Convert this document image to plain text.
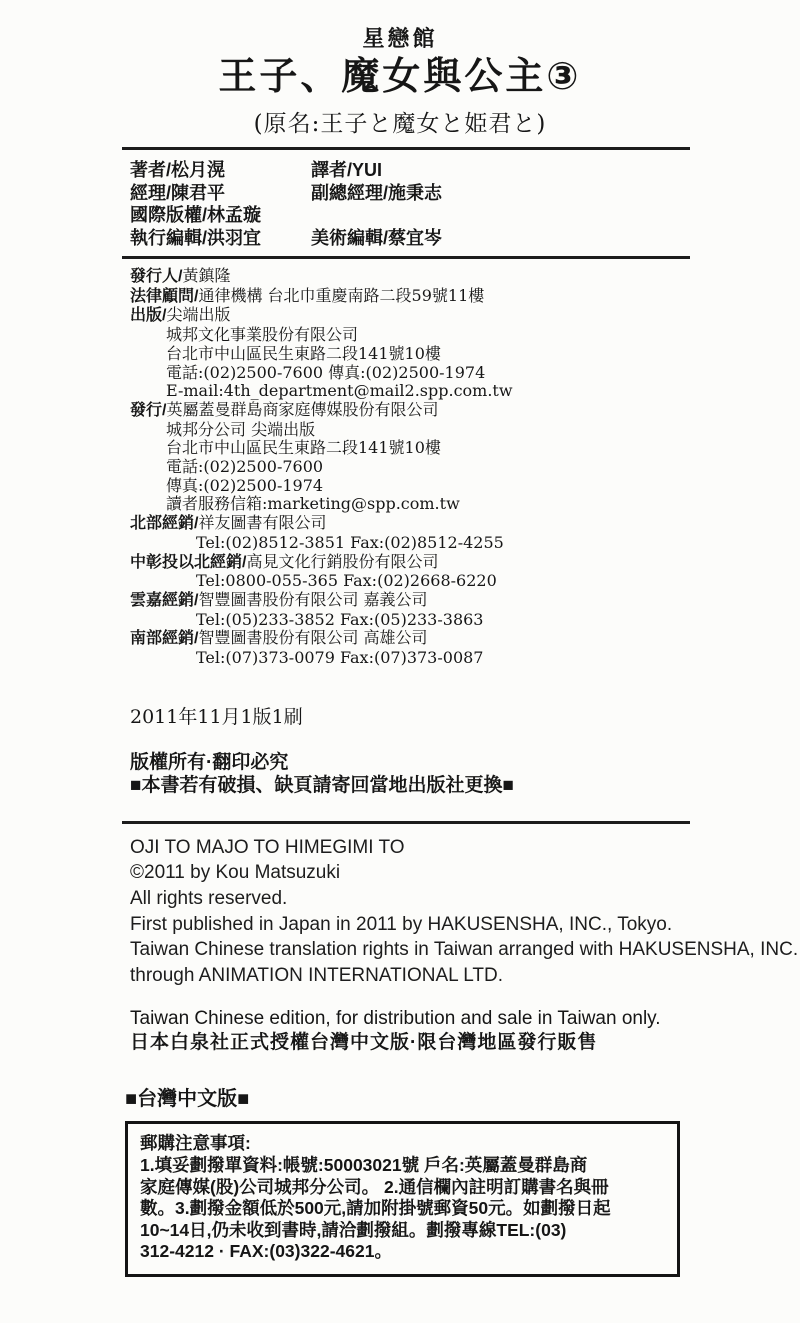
星戀館
王子、魔女與公主③
(原名:王子と魔女と姫君と)
著者/松月滉	譯者/YUI
經理/陳君平	副總經理/施秉志
國際版權/林孟璇
執行編輯/洪羽宜	美術編輯/蔡宜岑
發行人/黃鎮隆
法律顧問/通律機構 台北巾重慶南路二段59號11樓
出版/尖端出版
城邦文化事業股份有限公司
台北市中山區民生東路二段141號10樓
電話:(02)2500-7600 傳真:(02)2500-1974
E-mail:4th_department@mail2.spp.com.tw
發行/英屬蓋曼群島商家庭傳媒股份有限公司
城邦分公司 尖端出版
台北市中山區民生東路二段141號10樓
電話:(02)2500-7600
傳真:(02)2500-1974
讀者服務信箱:marketing@spp.com.tw
北部經銷/祥友圖書有限公司
Tel:(02)8512-3851 Fax:(02)8512-4255
中彰投以北經銷/高見文化行銷股份有限公司
Tel:0800-055-365 Fax:(02)2668-6220
雲嘉經銷/智豐圖書股份有限公司 嘉義公司
Tel:(05)233-3852 Fax:(05)233-3863
南部經銷/智豐圖書股份有限公司 高雄公司
Tel:(07)373-0079 Fax:(07)373-0087
2011年11月1版1刷
版權所有·翻印必究
■本書若有破損、缺頁請寄回當地出版社更換■
OJI TO MAJO TO HIMEGIMI TO
©2011 by Kou Matsuzuki
All rights reserved.
First published in Japan in 2011 by HAKUSENSHA, INC., Tokyo.
Taiwan Chinese translation rights in Taiwan arranged with HAKUSENSHA, INC.
through ANIMATION INTERNATIONAL LTD.
Taiwan Chinese edition, for distribution and sale in Taiwan only.
日本白泉社正式授權台灣中文版·限台灣地區發行販售
■台灣中文版■
郵購注意事項:
1.填妥劃撥單資料:帳號:50003021號 戶名:英屬蓋曼群島商
家庭傳媒(股)公司城邦分公司。 2.通信欄內註明訂購書名與冊
數。3.劃撥金額低於500元,請加附掛號郵資50元。如劃撥日起
10~14日,仍未收到書時,請洽劃撥組。劃撥專線TEL:(03)
312-4212 · FAX:(03)322-4621。
